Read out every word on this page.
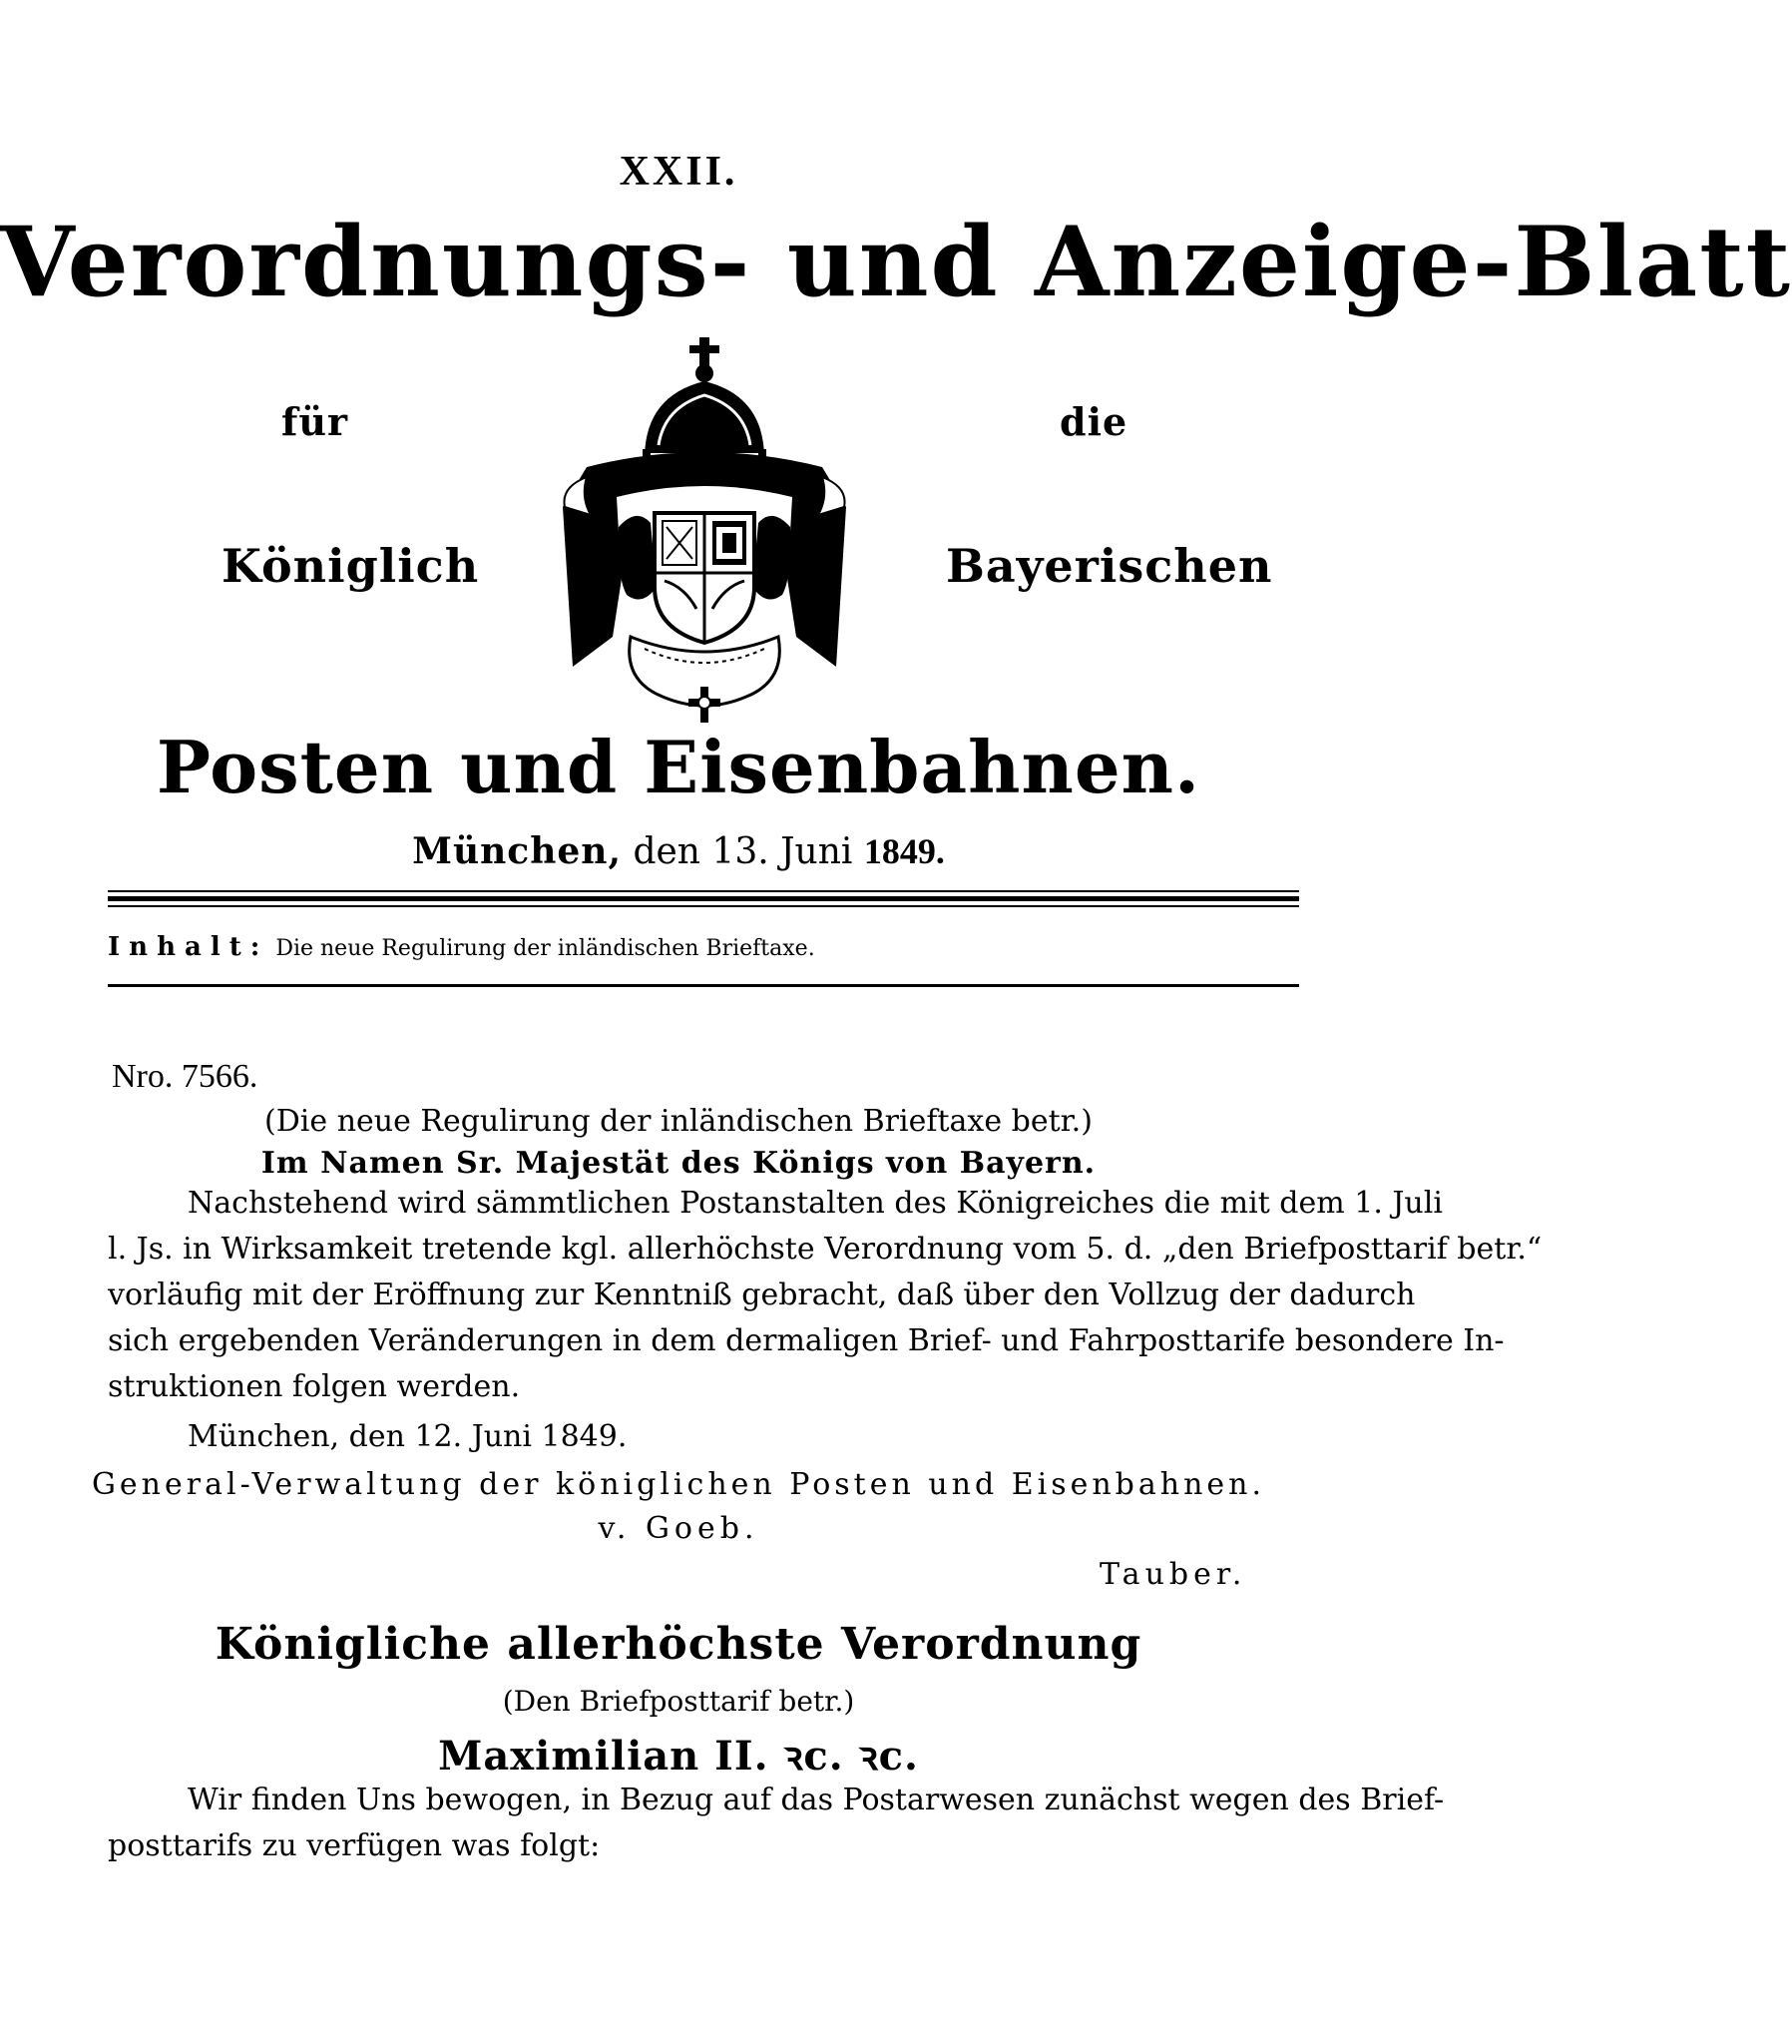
XXII.
Verordnungs- und Anzeige-Blatt
für	die
Königlich	Bayerischen
Posten und Eisenbahnen.
München, den 13. Juni 1849.
Inhalt: Die neue Regulirung der inländischen Brieftaxe.
Nro. 7566.
(Die neue Regulirung der inländischen Brieftaxe betr.)
Im Namen Sr. Majestät des Königs von Bayern.
Nachstehend wird sämmtlichen Postanstalten des Königreiches die mit dem 1. Juli
l. Js. in Wirksamkeit tretende kgl. allerhöchste Verordnung vom 5. d. „den Briefposttarif betr.“
vorläufig mit der Eröffnung zur Kenntniß gebracht, daß über den Vollzug der dadurch
sich ergebenden Veränderungen in dem dermaligen Brief- und Fahrposttarife besondere In-
struktionen folgen werden.
München, den 12. Juni 1849.
General-Verwaltung der königlichen Posten und Eisenbahnen.
v. Goeb.
Tauber.
Königliche allerhöchste Verordnung
(Den Briefposttarif betr.)
Maximilian II. ꝛc. ꝛc.
Wir finden Uns bewogen, in Bezug auf das Postarwesen zunächst wegen des Brief-
posttarifs zu verfügen was folgt:
